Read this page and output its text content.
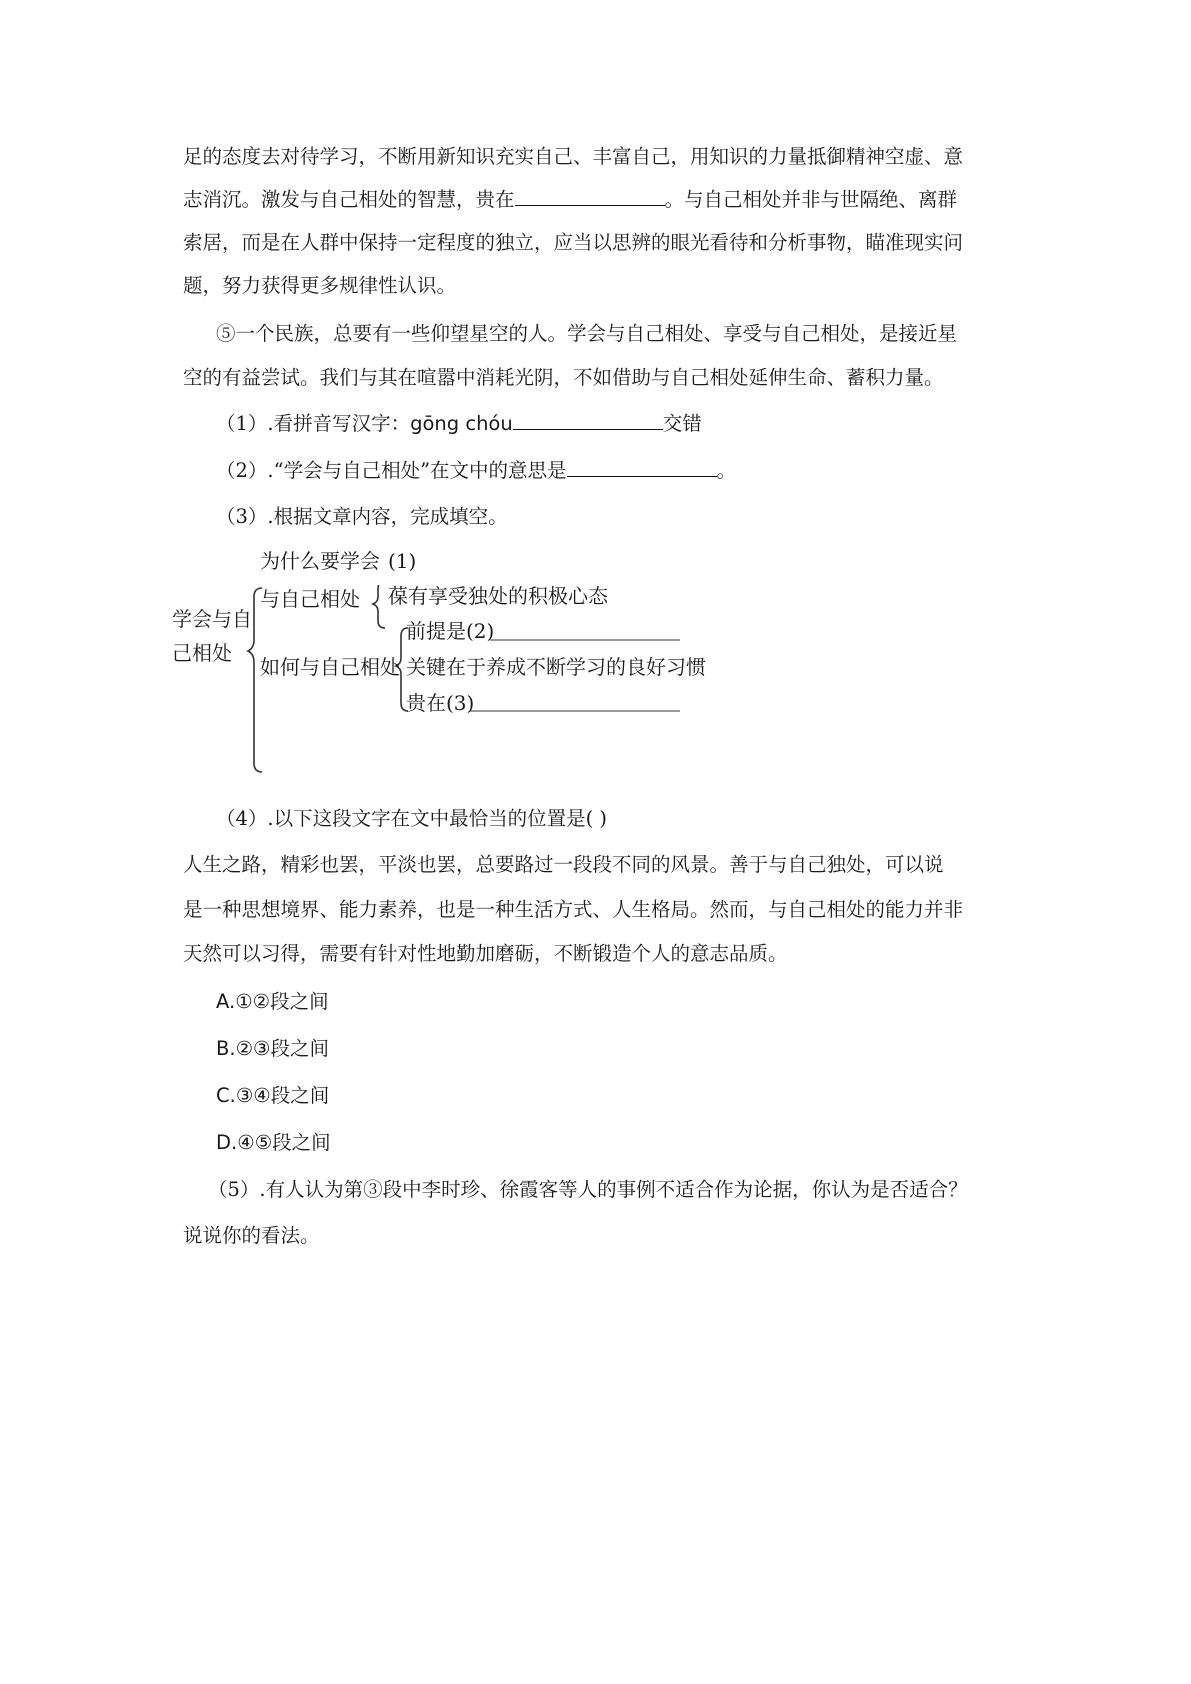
足的态度去对待学习，不断用新知识充实自己、丰富自己，用知识的力量抵御精神空虚、意
志消沉。激发与自己相处的智慧，贵在	。与自己相处并非与世隔绝、离群
索居，而是在人群中保持一定程度的独立，应当以思辨的眼光看待和分析事物，瞄准现实问
题，努力获得更多规律性认识。
⑤一个民族，总要有一些仰望星空的人。学会与自己相处、享受与自己相处，是接近星
空的有益尝试。我们与其在喧嚣中消耗光阴，不如借助与自己相处延伸生命、蓄积力量。
（1）.看拼音写汉字：gōng chóu	交错
（2）.“学会与自己相处”在文中的意思是	。
（3）.根据文章内容，完成填空。
学会与自
己相处
为什么要学会
与自己相处
(1)
葆有享受独处的积极心态
如何与自己相处
前提是(2)
关键在于养成不断学习的良好习惯
贵在(3)
（4）.以下这段文字在文中最恰当的位置是( )
人生之路，精彩也罢，平淡也罢，总要路过一段段不同的风景。善于与自己独处，可以说
是一种思想境界、能力素养，也是一种生活方式、人生格局。然而，与自己相处的能力并非
天然可以习得，需要有针对性地勤加磨砺，不断锻造个人的意志品质。
A.①②段之间
B.②③段之间
C.③④段之间
D.④⑤段之间
（5）.有人认为第③段中李时珍、徐霞客等人的事例不适合作为论据，你认为是否适合？
说说你的看法。
